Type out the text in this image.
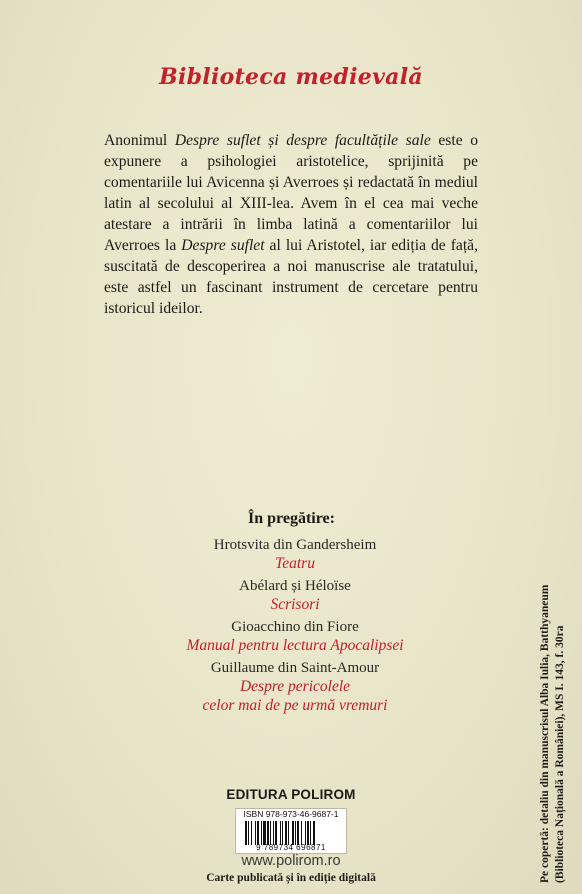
Biblioteca medievală

Anonimul Despre suflet și despre facultățile sale este o expunere a psihologiei aristotelice, sprijinită pe comentariile lui Avicenna și Averroes și redactată în mediul latin al secolului al XIII-lea. Avem în el cea mai veche atestare a intrării în limba latină a comentariilor lui Averroes la Despre suflet al lui Aristotel, iar ediția de față, suscitată de descoperirea a noi manuscrise ale tratatului, este astfel un fascinant instrument de cercetare pentru istoricul ideilor.

În pregătire:
Hrotsvita din Gandersheim
Teatru
Abélard și Héloïse
Scrisori
Gioacchino din Fiore
Manual pentru lectura Apocalipsei
Guillaume din Saint-Amour
Despre pericolele
celor mai de pe urmă vremuri
EDITURA POLIROM
ISBN 978-973-46-9687-1
9 789734 696871
www.polirom.ro
Carte publicată și în ediție digitală	Pe copertă: detaliu din manuscrisul Alba Iulia, Batthyaneum (Biblioteca Națională a României), MS I. 143, f. 30ra
